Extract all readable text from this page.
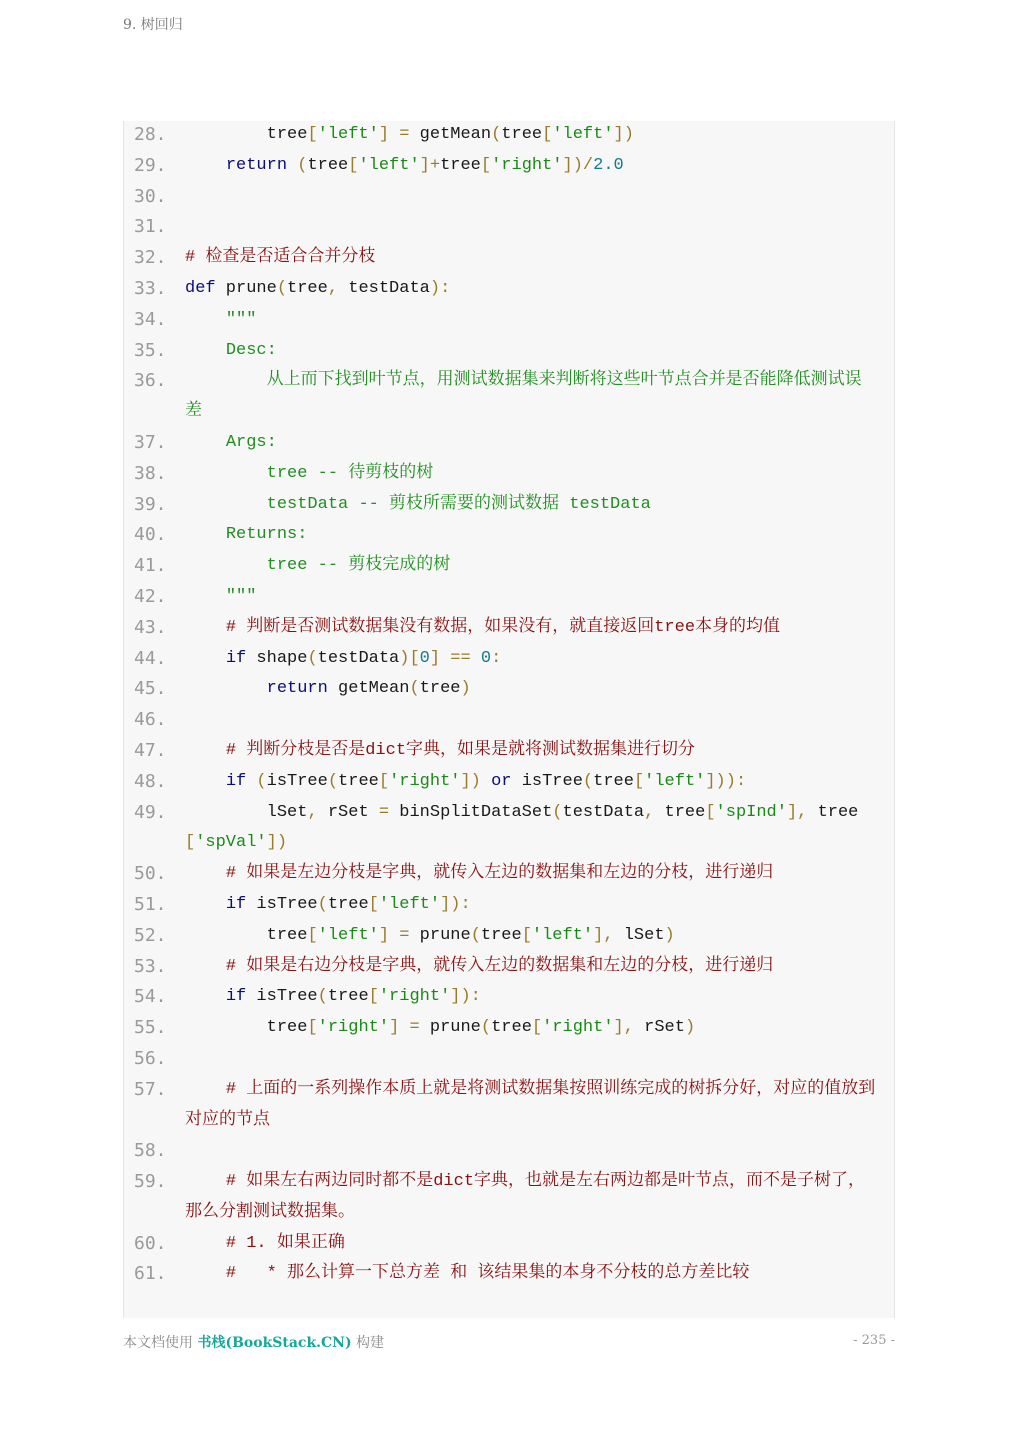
9. 树回归
28. tree['left'] = getMean(tree['left'])
29.	return (tree['left']+tree['right'])/2.0
30.

31.

32. # 检查是否适合合并分枝
33. def prune(tree, testData):
34. """
35. Desc:
36. 从上而下找到叶节点，用测试数据集来判断将这些叶节点合并是否能降低测试误差
37. Args:
38. tree -- 待剪枝的树
39. testData -- 剪枝所需要的测试数据 testData
40. Returns:
41. tree -- 剪枝完成的树
42. """
43.	# 判断是否测试数据集没有数据，如果没有，就直接返回tree本身的均值
44.	if shape(testData)[0] == 0:
45.	return getMean(tree)
46.

47.	# 判断分枝是否是dict字典，如果是就将测试数据集进行切分
48.	if (isTree(tree['right']) or isTree(tree['left'])):
49. lSet, rSet = binSplitDataSet(testData, tree['spInd'], tree['spVal'])
50.	# 如果是左边分枝是字典，就传入左边的数据集和左边的分枝，进行递归
51.	if isTree(tree['left']):
52. tree['left'] = prune(tree['left'], lSet)
53.	# 如果是右边分枝是字典，就传入左边的数据集和左边的分枝，进行递归
54.	if isTree(tree['right']):
55. tree['right'] = prune(tree['right'], rSet)
56.

57.	# 上面的一系列操作本质上就是将测试数据集按照训练完成的树拆分好，对应的值放到对应的节点
58.

59.	# 如果左右两边同时都不是dict字典，也就是左右两边都是叶节点，而不是子树了，那么分割测试数据集。
60.	# 1. 如果正确
61.	#   * 那么计算一下总方差 和 该结果集的本身不分枝的总方差比较
本文档使用 书栈(BookStack.CN) 构建	- 235 -
